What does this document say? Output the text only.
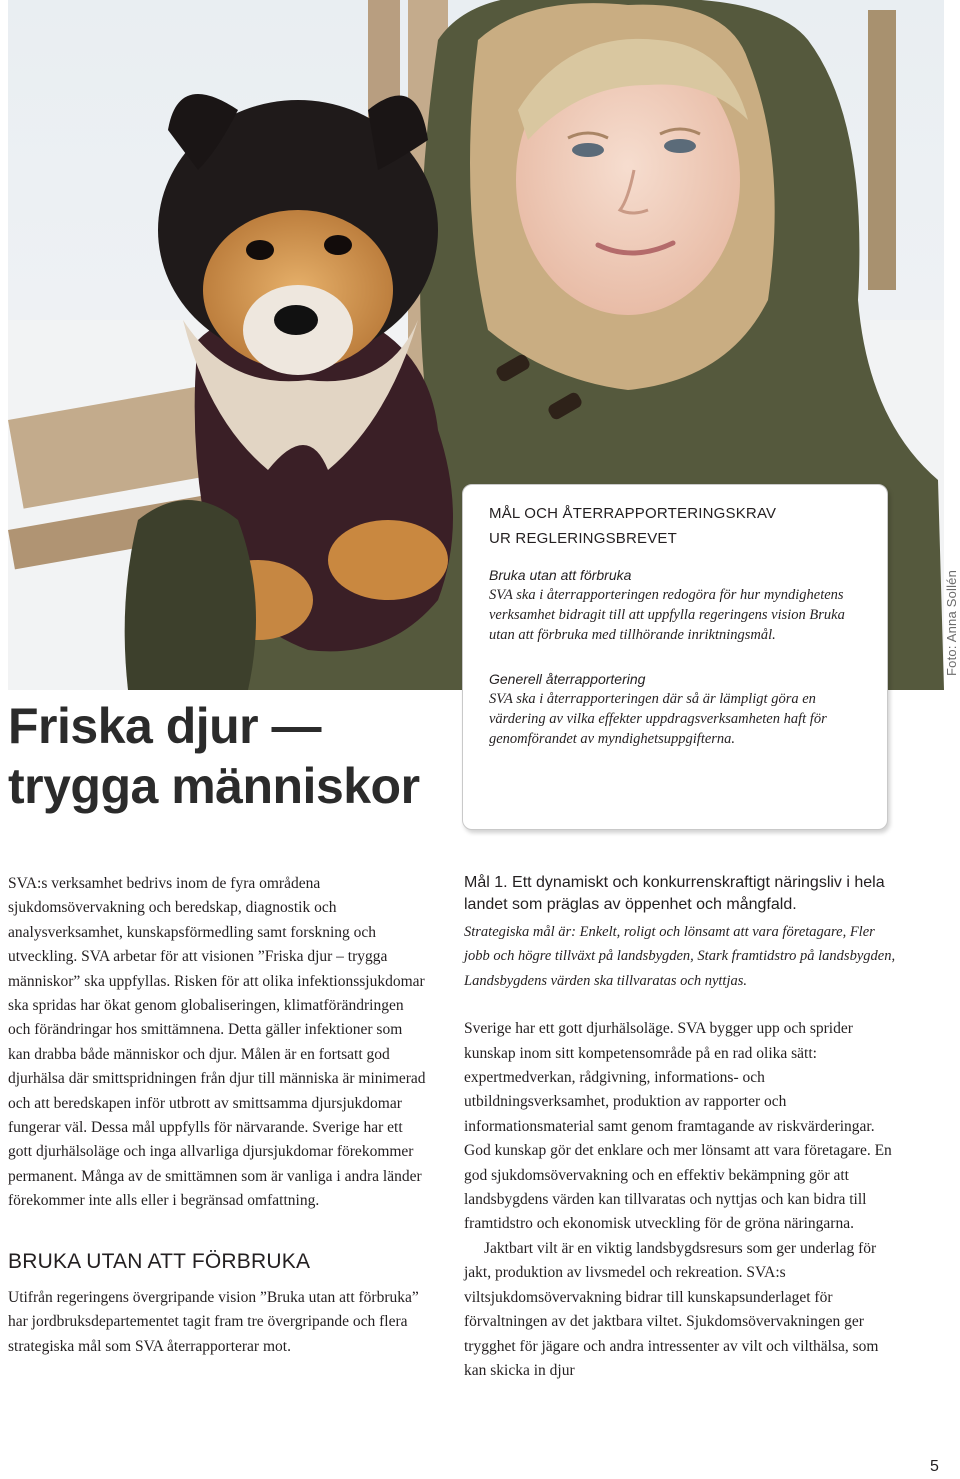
Foto: Anna Sollén
Friska djur —
trygga människor
MÅL OCH ÅTERRAPPORTERINGSKRAV
UR REGLERINGSBREVET
Bruka utan att förbruka
SVA ska i återrapporteringen redogöra för hur myndighetens verksamhet bidragit till att uppfylla regeringens vision Bruka utan att förbruka med tillhörande inriktningsmål.
Generell återrapportering
SVA ska i återrapporteringen där så är lämpligt göra en värdering av vilka effekter uppdragsverksamheten haft för genomförandet av myndighetsuppgifterna.

SVA:s verksamhet bedrivs inom de fyra områdena sjukdomsövervakning och beredskap, diagnostik och analysverksamhet, kunskapsförmedling samt forskning och utveckling. SVA arbetar för att visionen ”Friska djur – trygga människor” ska uppfyllas. Risken för att olika infektionssjukdomar ska spridas har ökat genom globaliseringen, klimatförändringen och förändringar hos smittämnena. Detta gäller infektioner som kan drabba både människor och djur. Målen är en fortsatt god djurhälsa där smittspridningen från djur till människa är minimerad och att beredskapen inför utbrott av smittsamma djursjukdomar fungerar väl. Dessa mål uppfylls för närvarande. Sverige har ett gott djurhälsoläge och inga allvarliga djursjukdomar förekommer permanent. Många av de smittämnen som är vanliga i andra länder förekommer inte alls eller i begränsad omfattning.

BRUKA UTAN ATT FÖRBRUKA

Utifrån regeringens övergripande vision ”Bruka utan att förbruka” har jordbruksdepartementet tagit fram tre övergripande och flera strategiska mål som SVA återrapporterar mot.

Mål 1. Ett dynamiskt och konkurrenskraftigt näringsliv i hela landet som präglas av öppenhet och mångfald.
Strategiska mål är: Enkelt, roligt och lönsamt att vara företagare, Fler jobb och högre tillväxt på landsbygden, Stark framtidstro på landsbygden, Landsbygdens värden ska tillvaratas och nyttjas.

Sverige har ett gott djurhälsoläge. SVA bygger upp och sprider kunskap inom sitt kompetensområde på en rad olika sätt: expertmedverkan, rådgivning, informations- och utbildningsverksamhet, produktion av rapporter och informationsmaterial samt genom framtagande av riskvärderingar. God kunskap gör det enklare och mer lönsamt att vara företagare. En god sjukdomsövervakning och en effektiv bekämpning gör att landsbygdens värden kan tillvaratas och nyttjas och kan bidra till framtidstro och ekonomisk utveckling för de gröna näringarna.

Jaktbart vilt är en viktig landsbygdsresurs som ger underlag för jakt, produktion av livsmedel och rekreation. SVA:s viltsjukdomsövervakning bidrar till kunskapsunderlaget för förvaltningen av det jaktbara viltet. Sjukdomsövervakningen ger trygghet för jägare och andra intressenter av vilt och vilthälsa, som kan skicka in djur

5
